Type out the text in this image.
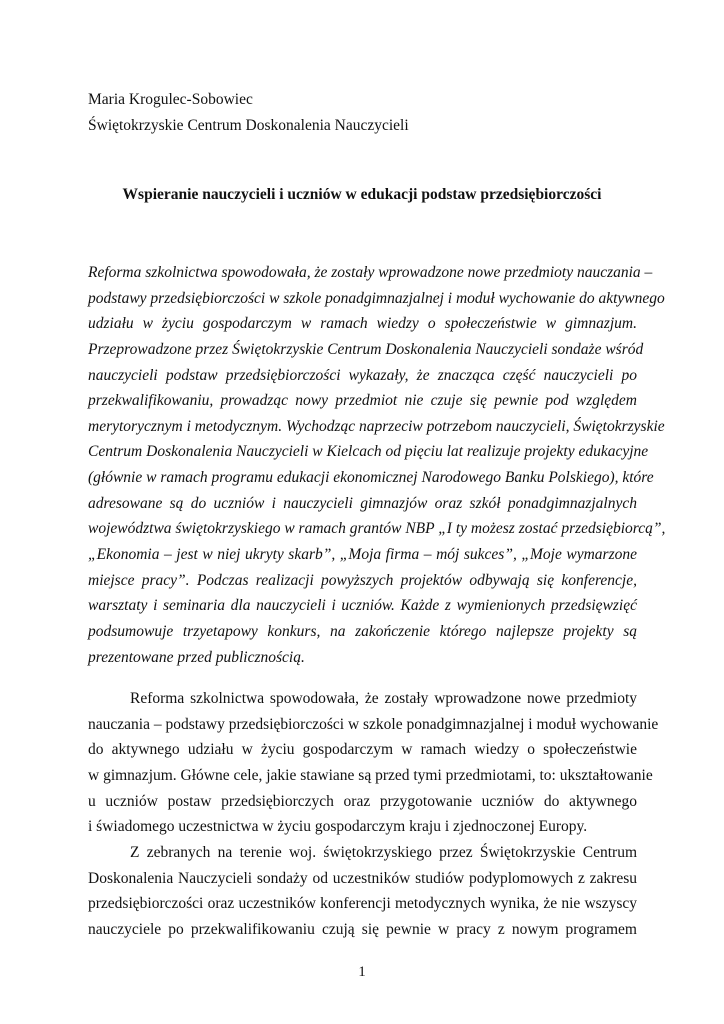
Maria Krogulec-Sobowiec
Świętokrzyskie Centrum Doskonalenia Nauczycieli
Wspieranie nauczycieli i uczniów w edukacji podstaw przedsiębiorczości
Reforma szkolnictwa spowodowała, że zostały wprowadzone nowe przedmioty nauczania –
podstawy przedsiębiorczości w szkole ponadgimnazjalnej i moduł wychowanie do aktywnego
udziału w życiu gospodarczym w ramach wiedzy o społeczeństwie w gimnazjum.
Przeprowadzone przez Świętokrzyskie Centrum Doskonalenia Nauczycieli sondaże wśród
nauczycieli podstaw przedsiębiorczości wykazały, że znacząca część nauczycieli po
przekwalifikowaniu, prowadząc nowy przedmiot nie czuje się pewnie pod względem
merytorycznym i metodycznym. Wychodząc naprzeciw potrzebom nauczycieli, Świętokrzyskie
Centrum Doskonalenia Nauczycieli w Kielcach od pięciu lat realizuje projekty edukacyjne
(głównie w ramach programu edukacji ekonomicznej Narodowego Banku Polskiego), które
adresowane są do uczniów i nauczycieli gimnazjów oraz szkół ponadgimnazjalnych
województwa świętokrzyskiego w ramach grantów NBP „I ty możesz zostać przedsiębiorcą”,
„Ekonomia – jest w niej ukryty skarb”, „Moja firma – mój sukces”, „Moje wymarzone
miejsce pracy”. Podczas realizacji powyższych projektów odbywają się konferencje,
warsztaty i seminaria dla nauczycieli i uczniów. Każde z wymienionych przedsięwzięć
podsumowuje trzyetapowy konkurs, na zakończenie którego najlepsze projekty są
prezentowane przed publicznością.
Reforma szkolnictwa spowodowała, że zostały wprowadzone nowe przedmioty
nauczania – podstawy przedsiębiorczości w szkole ponadgimnazjalnej i moduł wychowanie
do aktywnego udziału w życiu gospodarczym w ramach wiedzy o społeczeństwie
w gimnazjum. Główne cele, jakie stawiane są przed tymi przedmiotami, to: ukształtowanie
u uczniów postaw przedsiębiorczych oraz przygotowanie uczniów do aktywnego
i świadomego uczestnictwa w życiu gospodarczym kraju i zjednoczonej Europy.
Z zebranych na terenie woj. świętokrzyskiego przez Świętokrzyskie Centrum
Doskonalenia Nauczycieli sondaży od uczestników studiów podyplomowych z zakresu
przedsiębiorczości oraz uczestników konferencji metodycznych wynika, że nie wszyscy
nauczyciele po przekwalifikowaniu czują się pewnie w pracy z nowym programem
1
